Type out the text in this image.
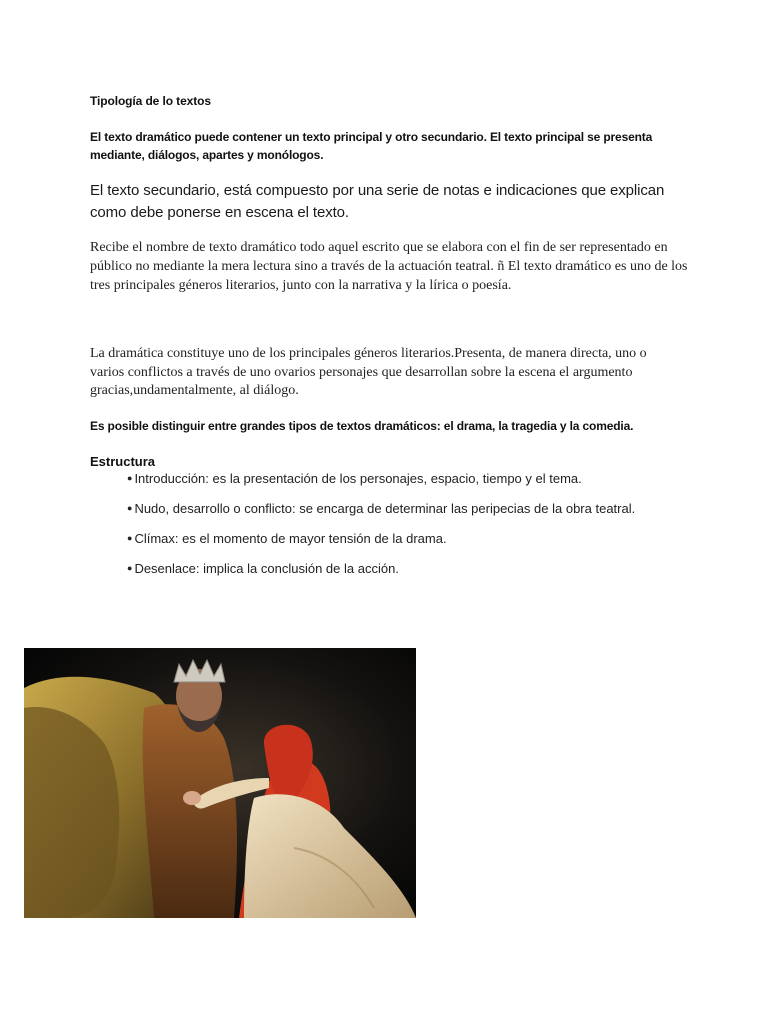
Tipología de lo textos

El texto dramático puede contener un texto principal y otro secundario. El texto principal se presenta mediante, diálogos, apartes y monólogos.

El texto secundario, está compuesto por una serie de notas e indicaciones que explican como debe ponerse en escena el texto.

Recibe el nombre de texto dramático todo aquel escrito que se elabora con el fin de ser representado en público no mediante la mera lectura sino a través de la actuación teatral. ñ El texto dramático es uno de los tres principales géneros literarios, junto con la narrativa y la lírica o poesía.

La dramática constituye uno de los principales géneros literarios.Presenta, de manera directa, uno o varios conflictos a través de uno ovarios personajes que desarrollan sobre la escena el argumento gracias,undamentalmente, al diálogo.

Es posible distinguir entre grandes tipos de textos dramáticos: el drama, la tragedia y la comedia.

Estructura

● Introducción: es la presentación de los personajes, espacio, tiempo y el tema.
● Nudo, desarrollo o conflicto: se encarga de determinar las peripecias de la obra teatral.
● Clímax: es el momento de mayor tensión de la drama.
● Desenlace: implica la conclusión de la acción.
